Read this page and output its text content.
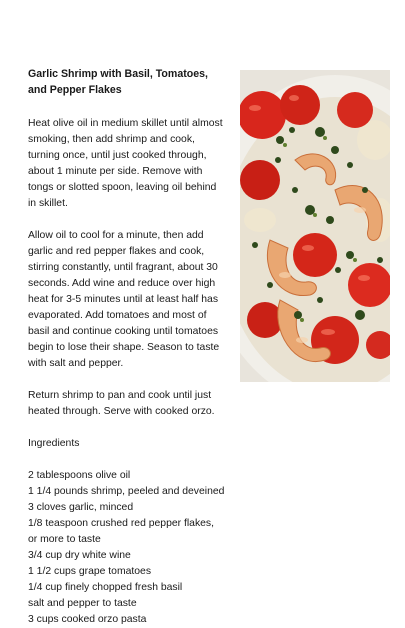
Garlic Shrimp with Basil, Tomatoes, and Pepper Flakes

Heat olive oil in medium skillet until almost smoking, then add shrimp and cook, turning once, until just cooked through, about 1 minute per side. Remove with tongs or slotted spoon, leaving oil behind in skillet.

Allow oil to cool for a minute, then add garlic and red pepper flakes and cook, stirring constantly, until fragrant, about 30 seconds. Add wine and reduce over high heat for 3-5 minutes until at least half has evaporated. Add tomatoes and most of basil and continue cooking until tomatoes begin to lose their shape. Season to taste with salt and pepper.

Return shrimp to pan and cook until just heated through. Serve with cooked orzo.

Ingredients

2 tablespoons olive oil
1 1/4 pounds shrimp, peeled and deveined
3 cloves garlic, minced
1/8 teaspoon crushed red pepper flakes, or more to taste
3/4 cup dry white wine
1 1/2 cups grape tomatoes
1/4 cup finely chopped fresh basil
salt and pepper to taste
3 cups cooked orzo pasta
